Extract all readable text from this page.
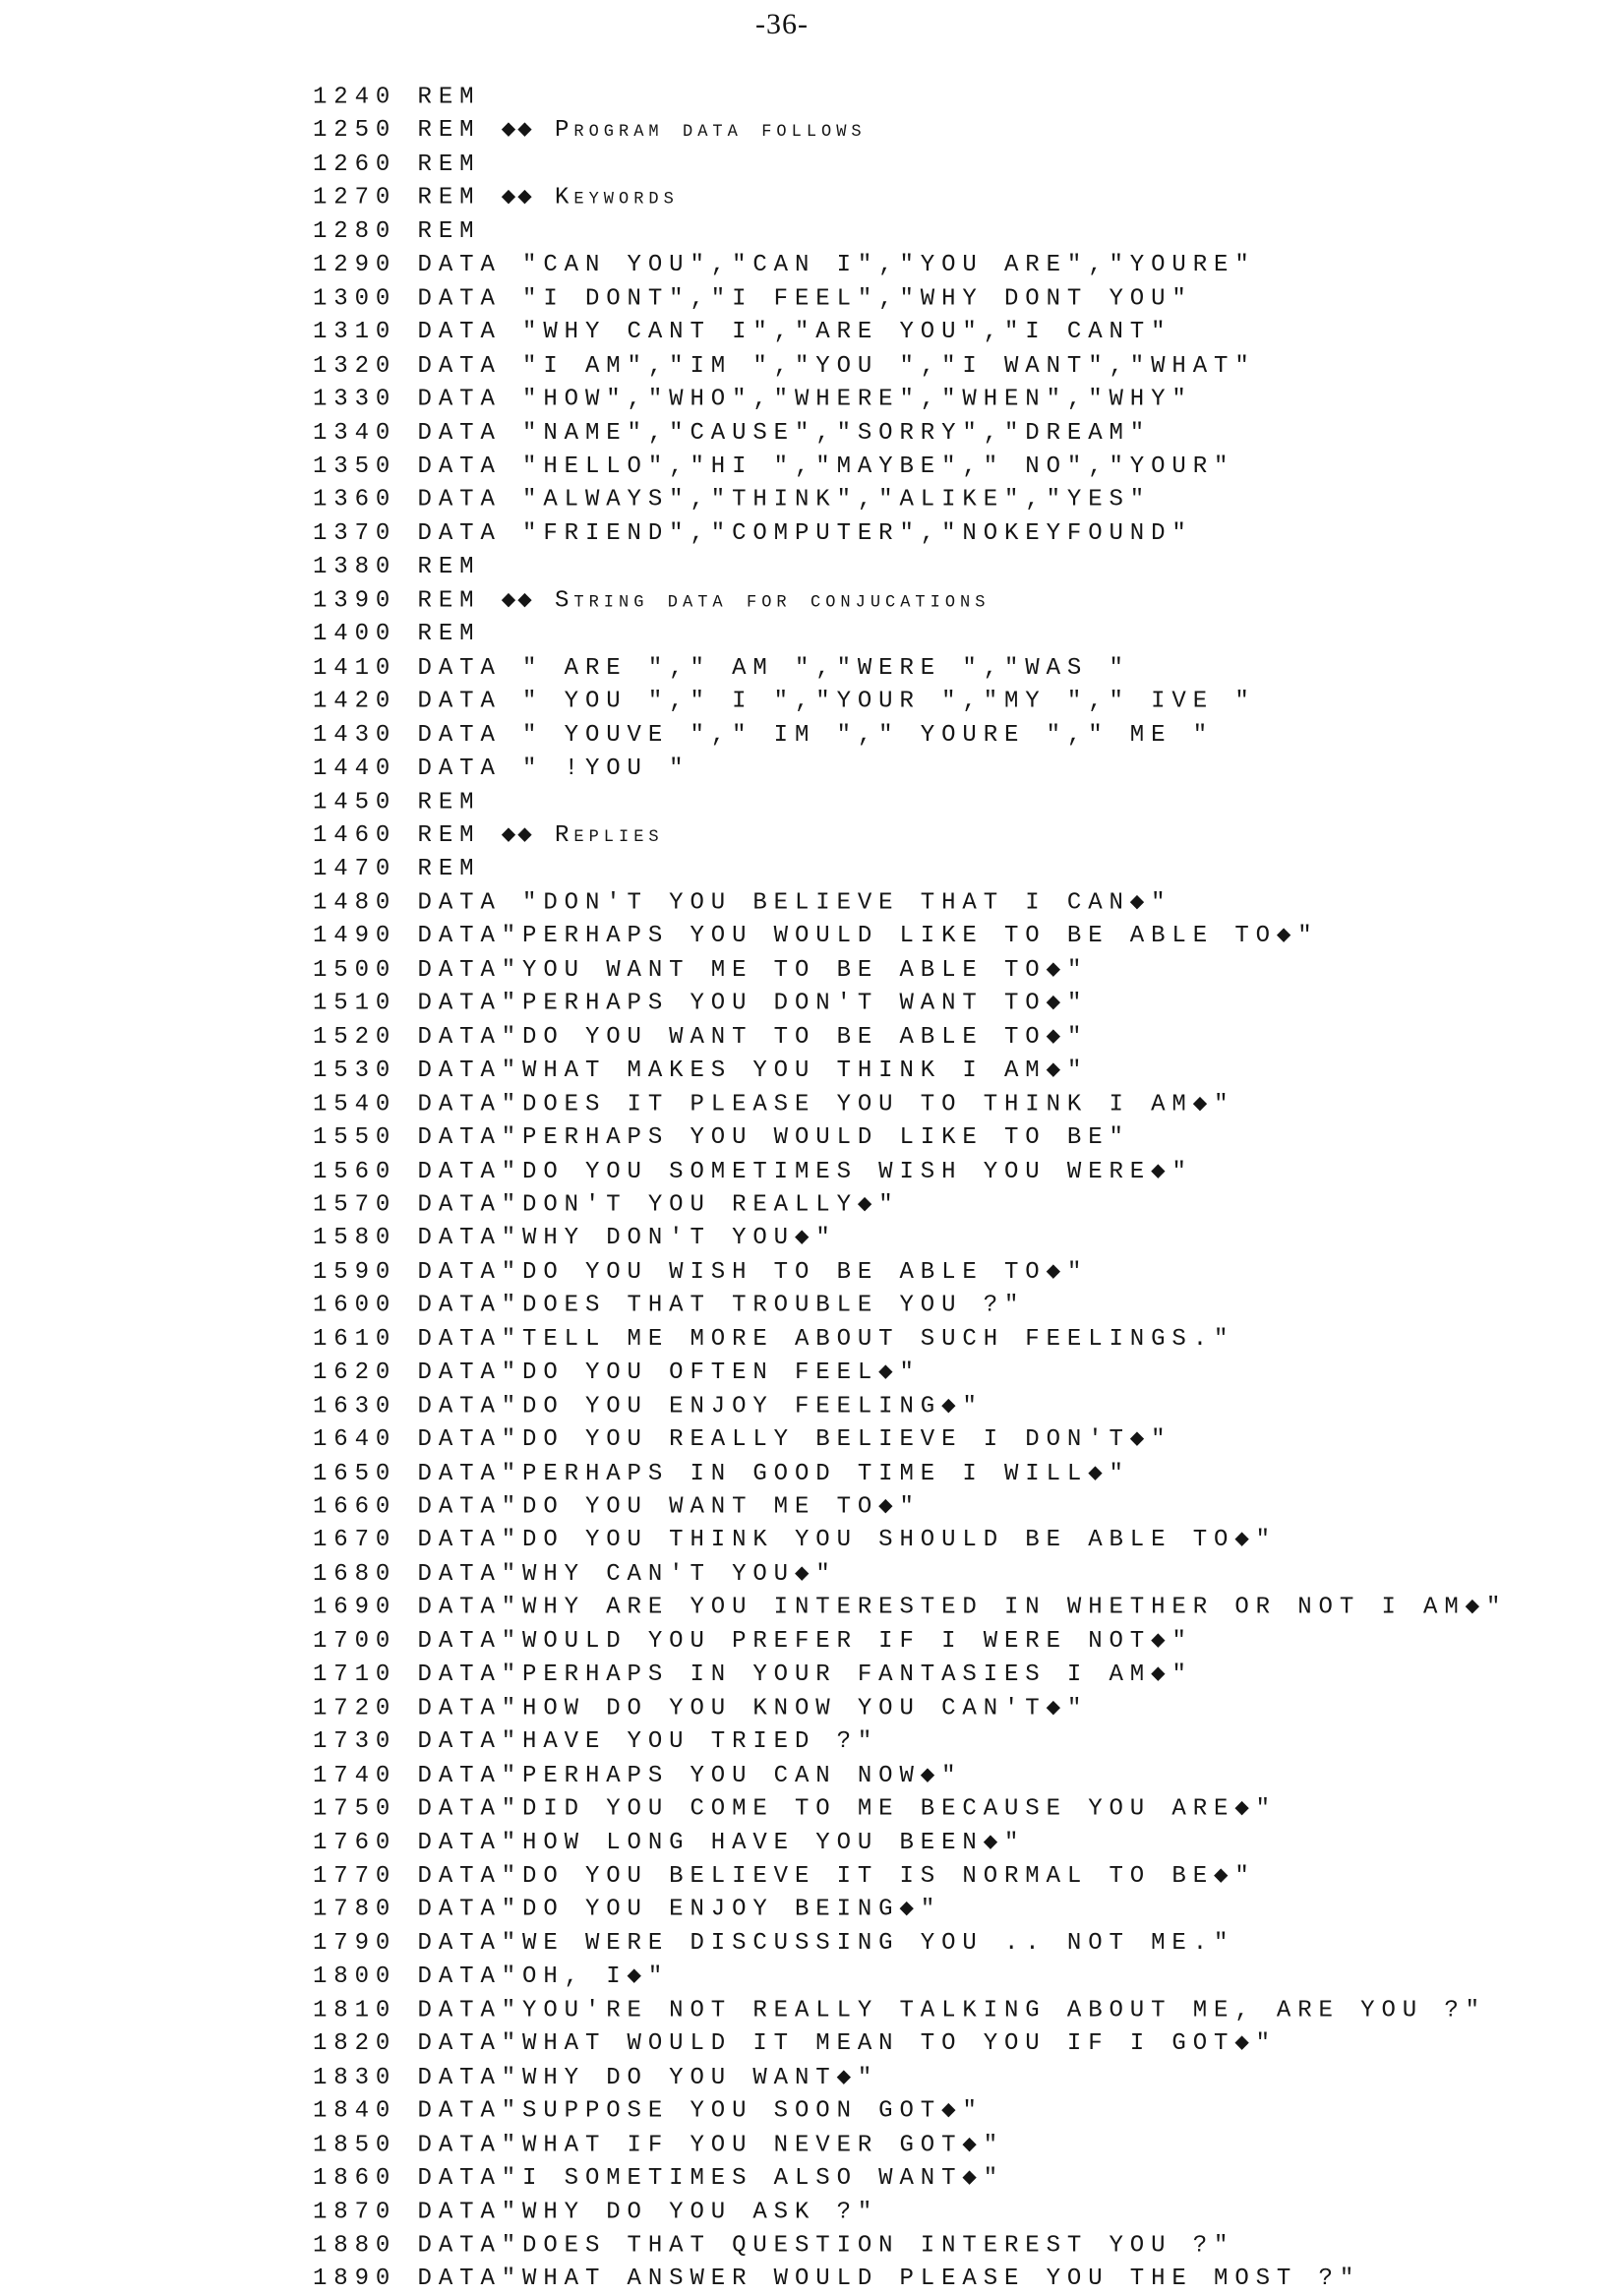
-36-
1240 REM
1250 REM ◆◆ Program data follows
1260 REM
1270 REM ◆◆ Keywords
1280 REM
1290 DATA "CAN YOU","CAN I","YOU ARE","YOURE"
1300 DATA "I DONT","I FEEL","WHY DONT YOU"
1310 DATA "WHY CANT I","ARE YOU","I CANT"
1320 DATA "I AM","IM ","YOU ","I WANT","WHAT"
1330 DATA "HOW","WHO","WHERE","WHEN","WHY"
1340 DATA "NAME","CAUSE","SORRY","DREAM"
1350 DATA "HELLO","HI ","MAYBE"," NO","YOUR"
1360 DATA "ALWAYS","THINK","ALIKE","YES"
1370 DATA "FRIEND","COMPUTER","NOKEYFOUND"
1380 REM
1390 REM ◆◆ String data for conjucations
1400 REM
1410 DATA " ARE "," AM ","WERE ","WAS "
1420 DATA " YOU "," I ","YOUR ","MY "," IVE "
1430 DATA " YOUVE "," IM "," YOURE "," ME "
1440 DATA " !YOU "
1450 REM
1460 REM ◆◆ Replies
1470 REM
1480 DATA "DON'T YOU BELIEVE THAT I CAN◆"
1490 DATA"PERHAPS YOU WOULD LIKE TO BE ABLE TO◆"
1500 DATA"YOU WANT ME TO BE ABLE TO◆"
1510 DATA"PERHAPS YOU DON'T WANT TO◆"
1520 DATA"DO YOU WANT TO BE ABLE TO◆"
1530 DATA"WHAT MAKES YOU THINK I AM◆"
1540 DATA"DOES IT PLEASE YOU TO THINK I AM◆"
1550 DATA"PERHAPS YOU WOULD LIKE TO BE"
1560 DATA"DO YOU SOMETIMES WISH YOU WERE◆"
1570 DATA"DON'T YOU REALLY◆"
1580 DATA"WHY DON'T YOU◆"
1590 DATA"DO YOU WISH TO BE ABLE TO◆"
1600 DATA"DOES THAT TROUBLE YOU ?"
1610 DATA"TELL ME MORE ABOUT SUCH FEELINGS."
1620 DATA"DO YOU OFTEN FEEL◆"
1630 DATA"DO YOU ENJOY FEELING◆"
1640 DATA"DO YOU REALLY BELIEVE I DON'T◆"
1650 DATA"PERHAPS IN GOOD TIME I WILL◆"
1660 DATA"DO YOU WANT ME TO◆"
1670 DATA"DO YOU THINK YOU SHOULD BE ABLE TO◆"
1680 DATA"WHY CAN'T YOU◆"
1690 DATA"WHY ARE YOU INTERESTED IN WHETHER OR NOT I AM◆"
1700 DATA"WOULD YOU PREFER IF I WERE NOT◆"
1710 DATA"PERHAPS IN YOUR FANTASIES I AM◆"
1720 DATA"HOW DO YOU KNOW YOU CAN'T◆"
1730 DATA"HAVE YOU TRIED ?"
1740 DATA"PERHAPS YOU CAN NOW◆"
1750 DATA"DID YOU COME TO ME BECAUSE YOU ARE◆"
1760 DATA"HOW LONG HAVE YOU BEEN◆"
1770 DATA"DO YOU BELIEVE IT IS NORMAL TO BE◆"
1780 DATA"DO YOU ENJOY BEING◆"
1790 DATA"WE WERE DISCUSSING YOU .. NOT ME."
1800 DATA"OH, I◆"
1810 DATA"YOU'RE NOT REALLY TALKING ABOUT ME, ARE YOU ?"
1820 DATA"WHAT WOULD IT MEAN TO YOU IF I GOT◆"
1830 DATA"WHY DO YOU WANT◆"
1840 DATA"SUPPOSE YOU SOON GOT◆"
1850 DATA"WHAT IF YOU NEVER GOT◆"
1860 DATA"I SOMETIMES ALSO WANT◆"
1870 DATA"WHY DO YOU ASK ?"
1880 DATA"DOES THAT QUESTION INTEREST YOU ?"
1890 DATA"WHAT ANSWER WOULD PLEASE YOU THE MOST ?"
